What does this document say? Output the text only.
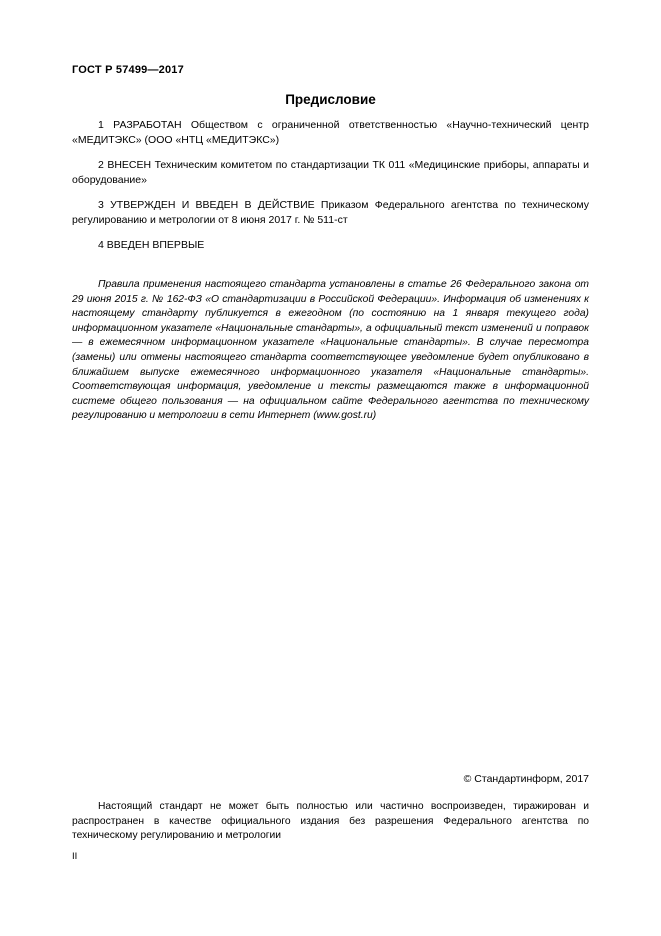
ГОСТ Р 57499—2017
Предисловие
1 РАЗРАБОТАН Обществом с ограниченной ответственностью «Научно-технический центр «МЕДИТЭКС» (ООО «НТЦ «МЕДИТЭКС»)
2 ВНЕСЕН Техническим комитетом по стандартизации ТК 011 «Медицинские приборы, аппараты и оборудование»
3 УТВЕРЖДЕН И ВВЕДЕН В ДЕЙСТВИЕ Приказом Федерального агентства по техническому регулированию и метрологии от 8 июня 2017 г. № 511-ст
4 ВВЕДЕН ВПЕРВЫЕ
Правила применения настоящего стандарта установлены в статье 26 Федерального закона от 29 июня 2015 г. № 162-ФЗ «О стандартизации в Российской Федерации». Информация об изменениях к настоящему стандарту публикуется в ежегодном (по состоянию на 1 января текущего года) информационном указателе «Национальные стандарты», а официальный текст изменений и поправок — в ежемесячном информационном указателе «Национальные стандарты». В случае пересмотра (замены) или отмены настоящего стандарта соответствующее уведомление будет опубликовано в ближайшем выпуске ежемесячного информационного указателя «Национальные стандарты». Соответствующая информация, уведомление и тексты размещаются также в информационной системе общего пользования — на официальном сайте Федерального агентства по техническому регулированию и метрологии в сети Интернет (www.gost.ru)
© Стандартинформ, 2017
Настоящий стандарт не может быть полностью или частично воспроизведен, тиражирован и распространен в качестве официального издания без разрешения Федерального агентства по техническому регулированию и метрологии
II
